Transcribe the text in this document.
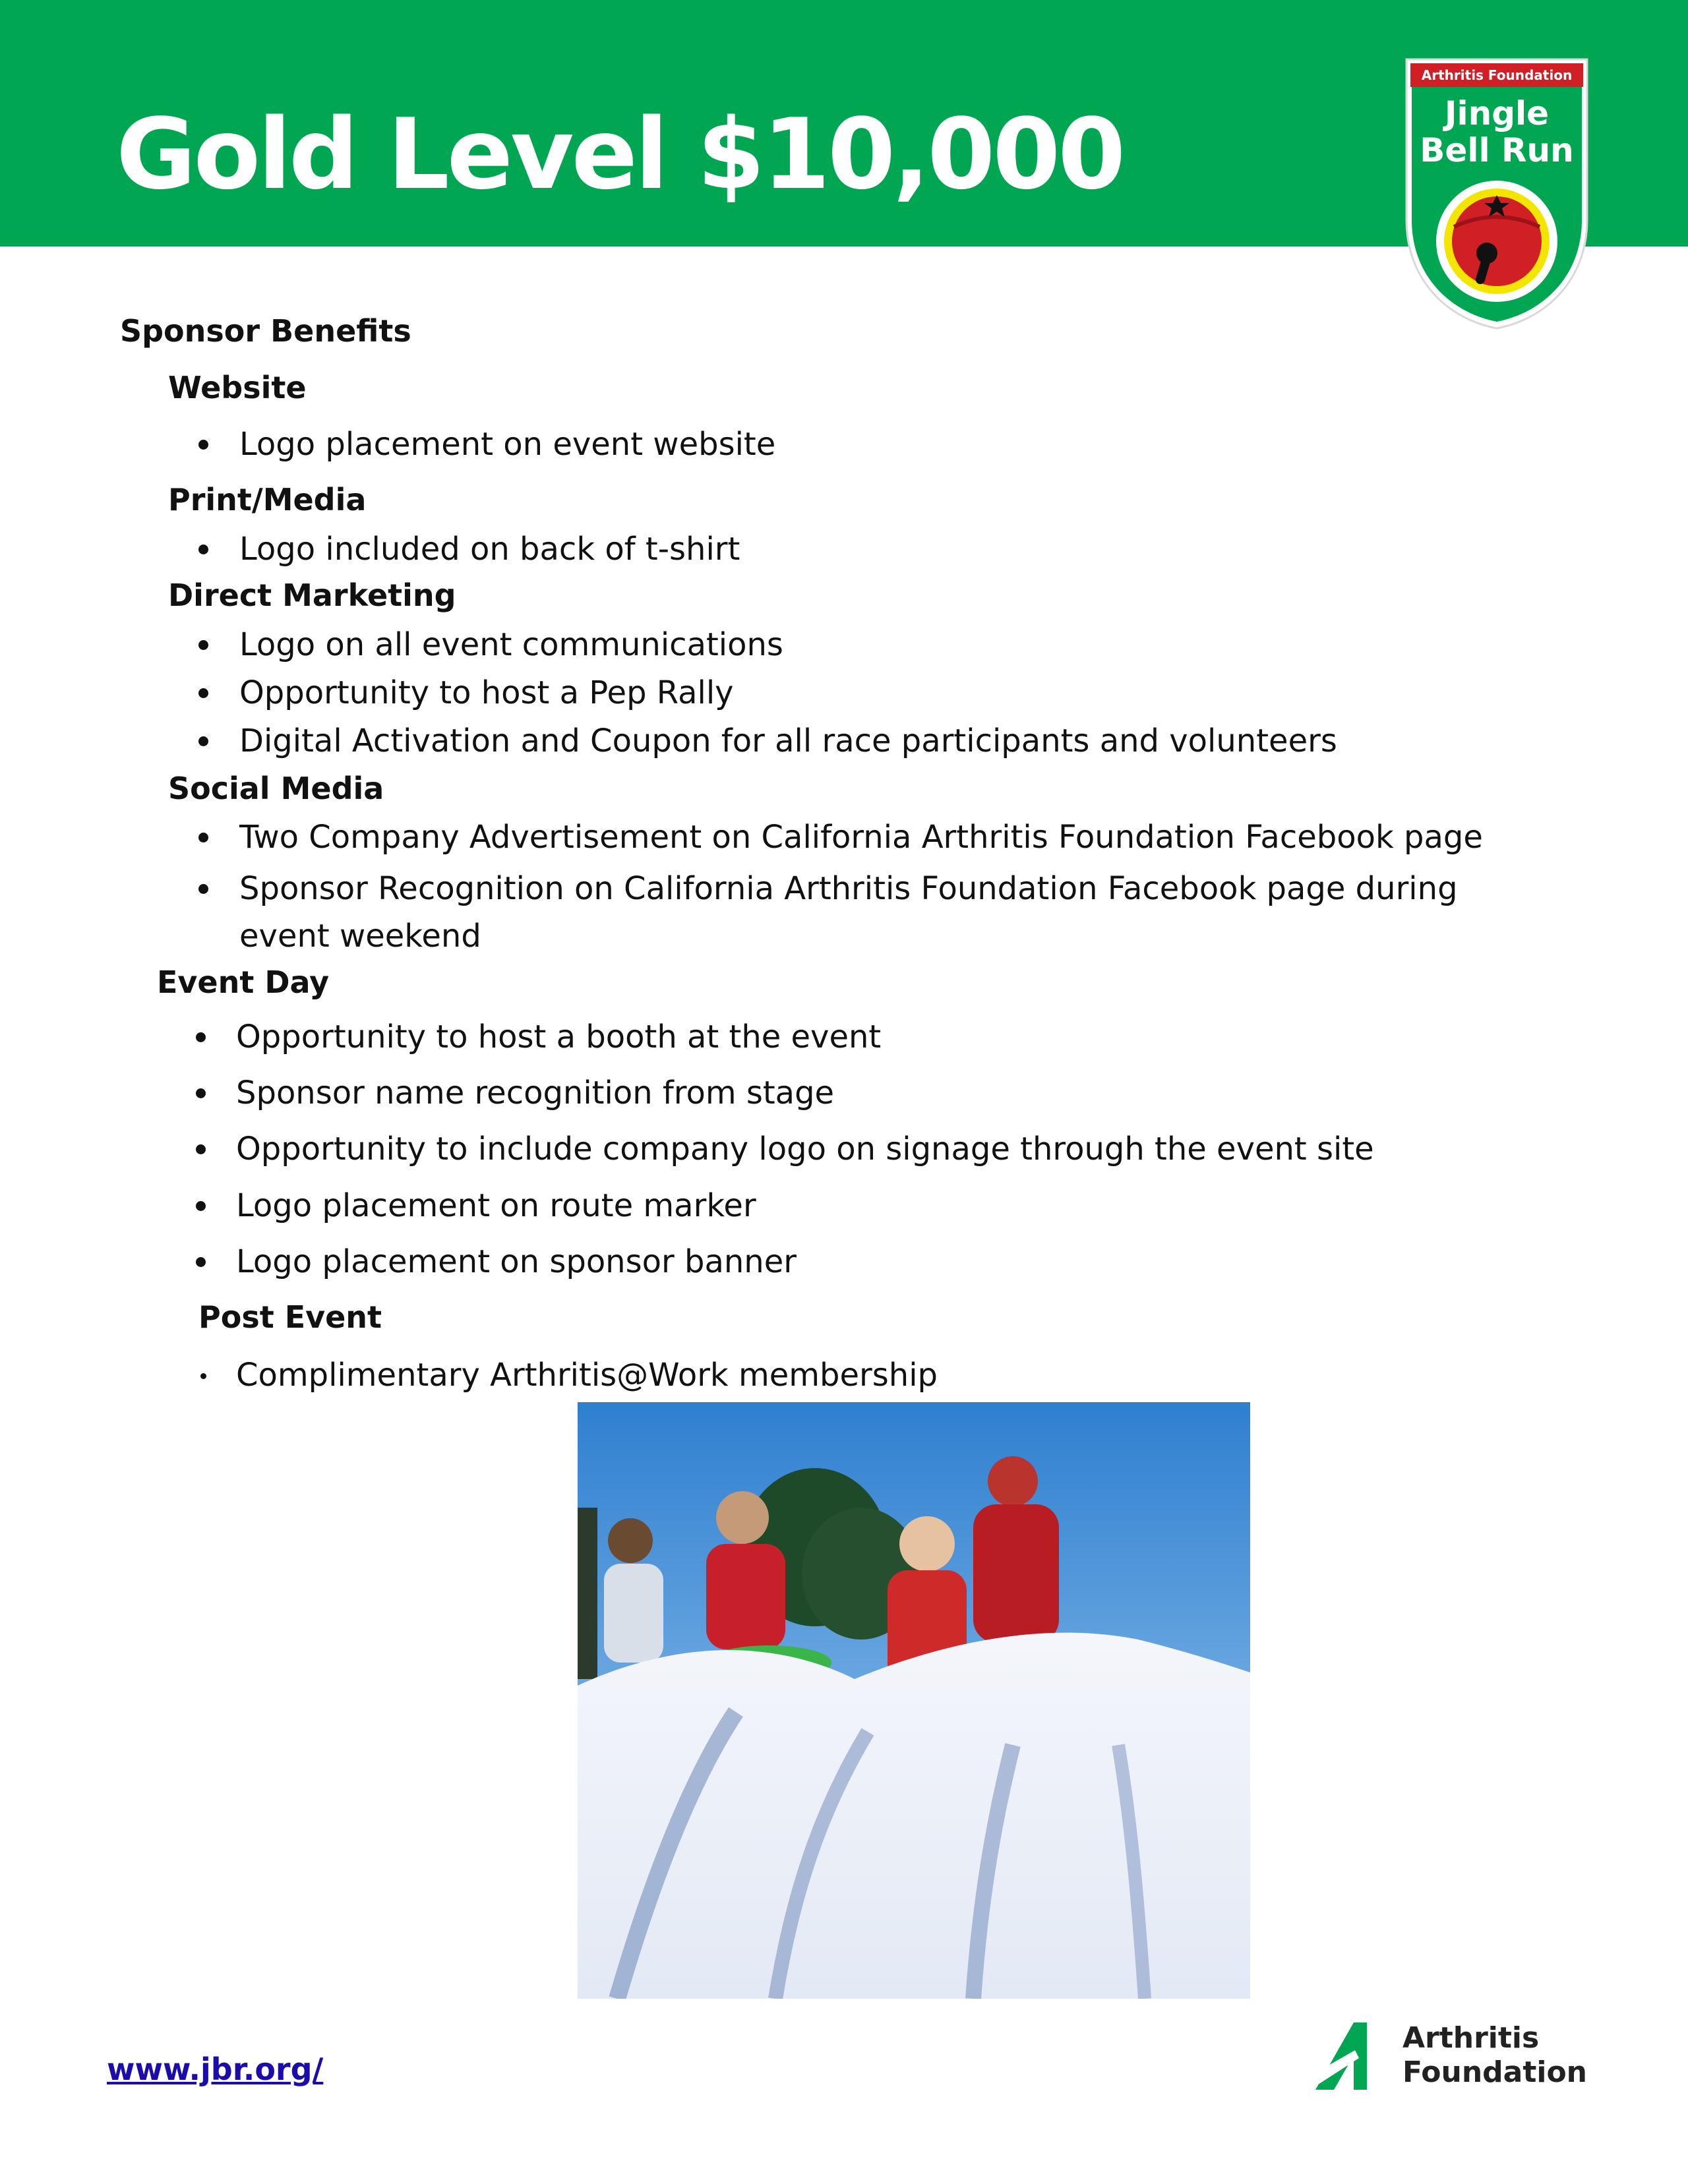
Gold Level $10,000
Arthritis Foundation
Jingle
Bell Run
Sponsor Benefits
Website
Logo placement on event website
Print/Media
Logo included on back of t-shirt
Direct Marketing
Logo on all event communications
Opportunity to host a Pep Rally
Digital Activation and Coupon for all race participants and volunteers
Social Media
Two Company Advertisement on California Arthritis Foundation Facebook page
Sponsor Recognition on California Arthritis Foundation Facebook page during
event weekend
Event Day
Opportunity to host a booth at the event
Sponsor name recognition from stage
Opportunity to include company logo on signage through the event site
Logo placement on route marker
Logo placement on sponsor banner
Post Event
Complimentary Arthritis@Work membership
www.jbr.org/
Arthritis
Foundation
